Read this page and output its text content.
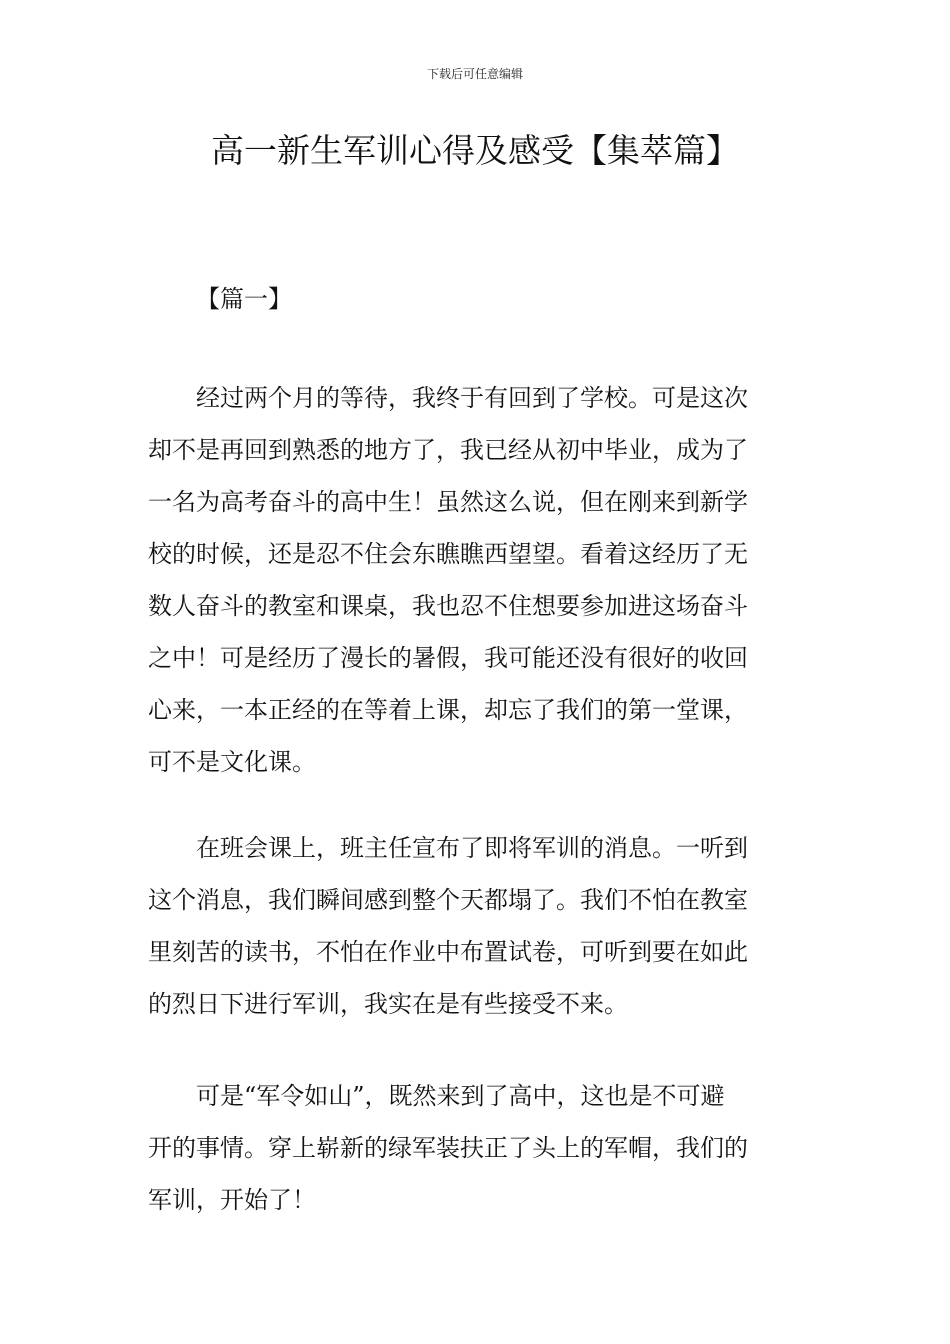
下载后可任意编辑
高一新生军训心得及感受【集萃篇】
【篇一】
　　经过两个月的等待，我终于有回到了学校。可是这次
却不是再回到熟悉的地方了，我已经从初中毕业，成为了
一名为高考奋斗的高中生！虽然这么说，但在刚来到新学
校的时候，还是忍不住会东瞧瞧西望望。看着这经历了无
数人奋斗的教室和课桌，我也忍不住想要参加进这场奋斗
之中！可是经历了漫长的暑假，我可能还没有很好的收回
心来，一本正经的在等着上课，却忘了我们的第一堂课，
可不是文化课。
　　在班会课上，班主任宣布了即将军训的消息。一听到
这个消息，我们瞬间感到整个天都塌了。我们不怕在教室
里刻苦的读书，不怕在作业中布置试卷，可听到要在如此
的烈日下进行军训，我实在是有些接受不来。
　　可是“军令如山”，既然来到了高中，这也是不可避
开的事情。穿上崭新的绿军装扶正了头上的军帽，我们的
军训，开始了！
